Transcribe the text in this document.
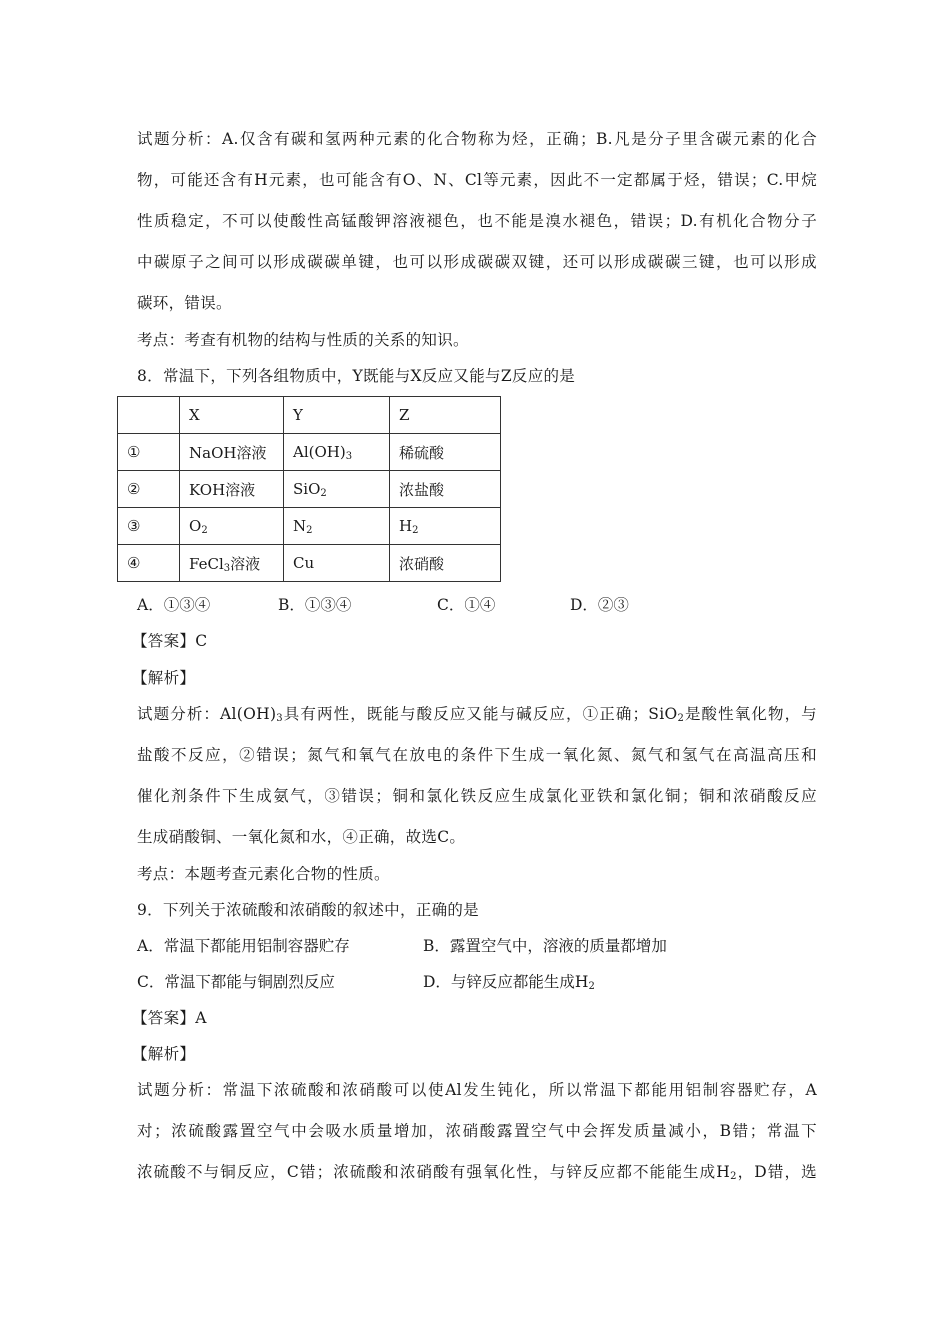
试题分析：A.仅含有碳和氢两种元素的化合物称为烃，正确；B.凡是分子里含碳元素的化合

物，可能还含有H元素，也可能含有O、N、Cl等元素，因此不一定都属于烃，错误；C.甲烷

性质稳定，不可以使酸性高锰酸钾溶液褪色，也不能是溴水褪色，错误；D.有机化合物分子

中碳原子之间可以形成碳碳单键，也可以形成碳碳双键，还可以形成碳碳三键，也可以形成

碳环，错误。

考点：考查有机物的结构与性质的关系的知识。

8．常温下，下列各组物质中，Y既能与X反应又能与Z反应的是

	X	Y	Z
①	NaOH溶液	$Al(OH)_3$	稀硫酸
②	KOH溶液	SiO$_2$	浓盐酸
③	$O_2$	$N_2$	$H_2$
④	FeCl$_3$溶液	Cu	浓硝酸
A．①③④	B．①③④	C．①④	D．②③

【答案】C

【解析】

试题分析：$Al(OH)_3$具有两性，既能与酸反应又能与碱反应，①正确；SiO$_2$是酸性氧化物，与

盐酸不反应，②错误；氮气和氧气在放电的条件下生成一氧化氮、氮气和氢气在高温高压和

催化剂条件下生成氨气，③错误；铜和氯化铁反应生成氯化亚铁和氯化铜；铜和浓硝酸反应

生成硝酸铜、一氧化氮和水，④正确，故选C。

考点：本题考查元素化合物的性质。

9．下列关于浓硫酸和浓硝酸的叙述中，正确的是

A．常温下都能用铝制容器贮存	B．露置空气中，溶液的质量都增加
C．常温下都能与铜剧烈反应	D．与锌反应都能生成$H_2$

【答案】A

【解析】

试题分析：常温下浓硫酸和浓硝酸可以使Al发生钝化，所以常温下都能用铝制容器贮存，A

对；浓硫酸露置空气中会吸水质量增加，浓硝酸露置空气中会挥发质量减小，B错；常温下

浓硫酸不与铜反应，C错；浓硫酸和浓硝酸有强氧化性，与锌反应都不能能生成$H_2$，D错，选
